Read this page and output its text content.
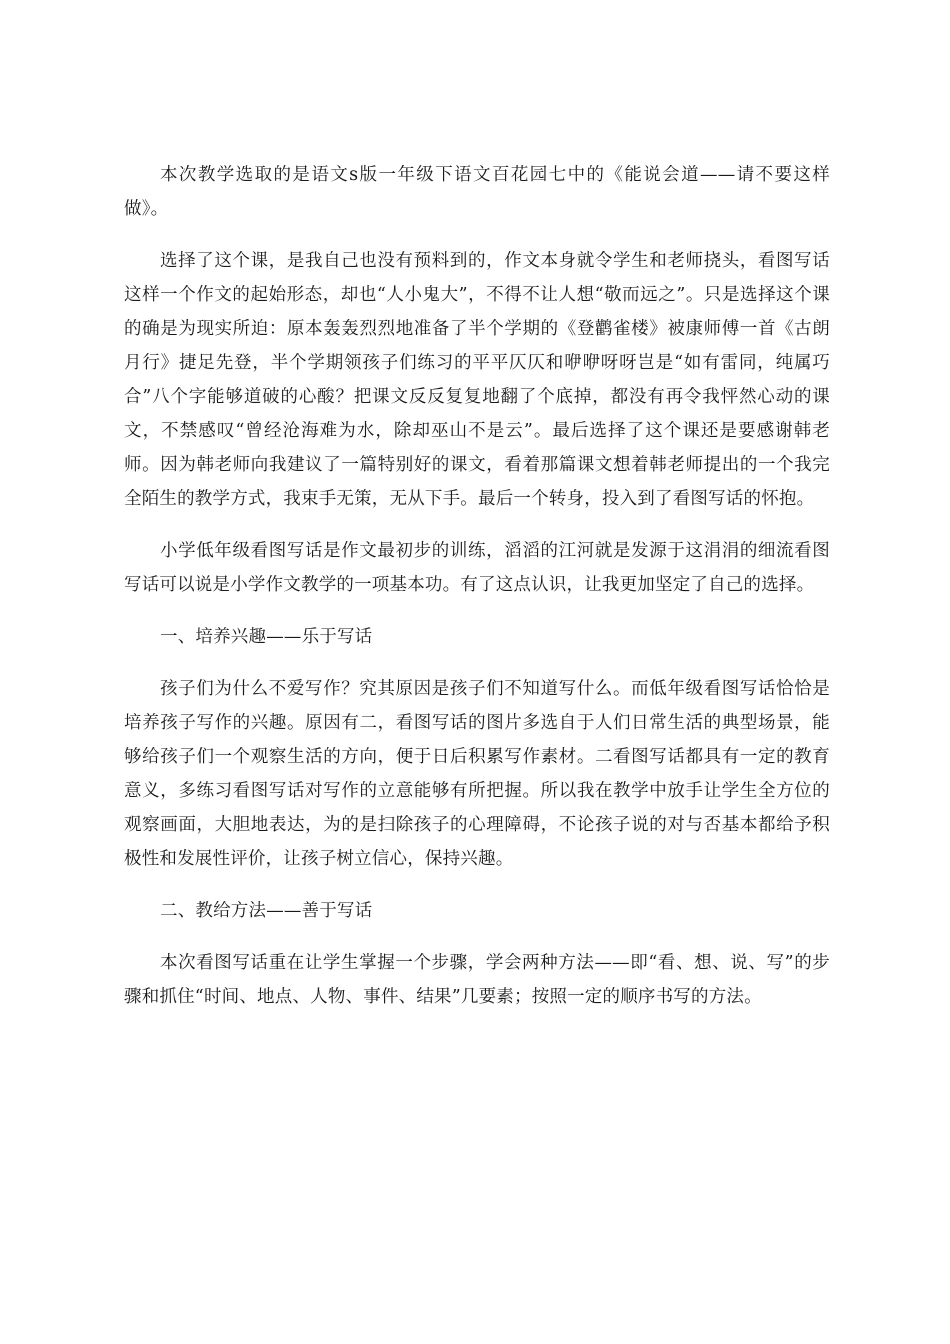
本次教学选取的是语文s版一年级下语文百花园七中的《能说会道——请不要这样做》。

选择了这个课，是我自己也没有预料到的，作文本身就令学生和老师挠头，看图写话这样一个作文的起始形态，却也“人小鬼大”，不得不让人想“敬而远之”。只是选择这个课的确是为现实所迫：原本轰轰烈烈地准备了半个学期的《登鹳雀楼》被康师傅一首《古朗月行》捷足先登，半个学期领孩子们练习的平平仄仄和咿咿呀呀岂是“如有雷同，纯属巧合”八个字能够道破的心酸？把课文反反复复地翻了个底掉，都没有再令我怦然心动的课文，不禁感叹“曾经沧海难为水，除却巫山不是云”。最后选择了这个课还是要感谢韩老师。因为韩老师向我建议了一篇特别好的课文，看着那篇课文想着韩老师提出的一个我完全陌生的教学方式，我束手无策，无从下手。最后一个转身，投入到了看图写话的怀抱。

小学低年级看图写话是作文最初步的训练，滔滔的江河就是发源于这涓涓的细流看图写话可以说是小学作文教学的一项基本功。有了这点认识，让我更加坚定了自己的选择。

一、培养兴趣——乐于写话

孩子们为什么不爱写作？究其原因是孩子们不知道写什么。而低年级看图写话恰恰是培养孩子写作的兴趣。原因有二，看图写话的图片多选自于人们日常生活的典型场景，能够给孩子们一个观察生活的方向，便于日后积累写作素材。二看图写话都具有一定的教育意义，多练习看图写话对写作的立意能够有所把握。所以我在教学中放手让学生全方位的观察画面，大胆地表达，为的是扫除孩子的心理障碍，不论孩子说的对与否基本都给予积极性和发展性评价，让孩子树立信心，保持兴趣。

二、教给方法——善于写话

本次看图写话重在让学生掌握一个步骤，学会两种方法——即“看、想、说、写”的步骤和抓住“时间、地点、人物、事件、结果”几要素；按照一定的顺序书写的方法。
